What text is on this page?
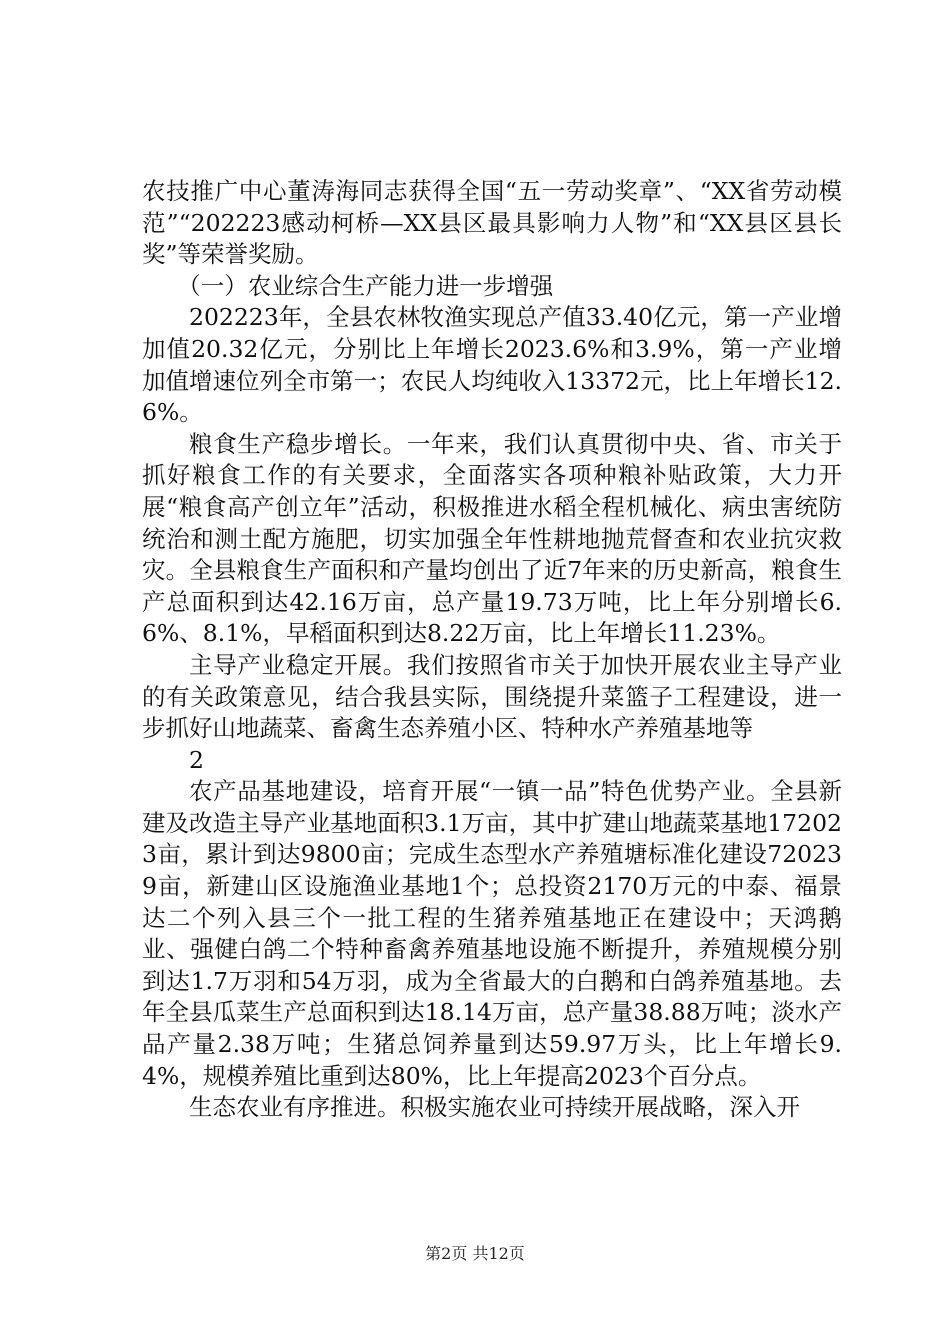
农技推广中心董涛海同志获得全国“五一劳动奖章”、“XX省劳动模范”“202223感动柯桥—XX县区最具影响力人物”和“XX县区县长奖”等荣誉奖励。

（一）农业综合生产能力进一步增强

202223年，全县农林牧渔实现总产值33.40亿元，第一产业增加值20.32亿元，分别比上年增长2023.6%和3.9%，第一产业增加值增速位列全市第一；农民人均纯收入13372元，比上年增长12.6%。

粮食生产稳步增长。一年来，我们认真贯彻中央、省、市关于抓好粮食工作的有关要求，全面落实各项种粮补贴政策，大力开展“粮食高产创立年”活动，积极推进水稻全程机械化、病虫害统防统治和测土配方施肥，切实加强全年性耕地抛荒督查和农业抗灾救灾。全县粮食生产面积和产量均创出了近7年来的历史新高，粮食生产总面积到达42.16万亩，总产量19.73万吨，比上年分别增长6.6%、8.1%，早稻面积到达8.22万亩，比上年增长11.23%。

主导产业稳定开展。我们按照省市关于加快开展农业主导产业的有关政策意见，结合我县实际，围绕提升菜篮子工程建设，进一步抓好山地蔬菜、畜禽生态养殖小区、特种水产养殖基地等

2

农产品基地建设，培育开展“一镇一品”特色优势产业。全县新建及改造主导产业基地面积3.1万亩，其中扩建山地蔬菜基地172023亩，累计到达9800亩；完成生态型水产养殖塘标准化建设720239亩，新建山区设施渔业基地1个；总投资2170万元的中泰、福景达二个列入县三个一批工程的生猪养殖基地正在建设中；天鸿鹅业、强健白鸽二个特种畜禽养殖基地设施不断提升，养殖规模分别到达1.7万羽和54万羽，成为全省最大的白鹅和白鸽养殖基地。去年全县瓜菜生产总面积到达18.14万亩，总产量38.88万吨；淡水产品产量2.38万吨；生猪总饲养量到达59.97万头，比上年增长9.4%，规模养殖比重到达80%，比上年提高2023个百分点。

生态农业有序推进。积极实施农业可持续开展战略，深入开

第2页 共12页
